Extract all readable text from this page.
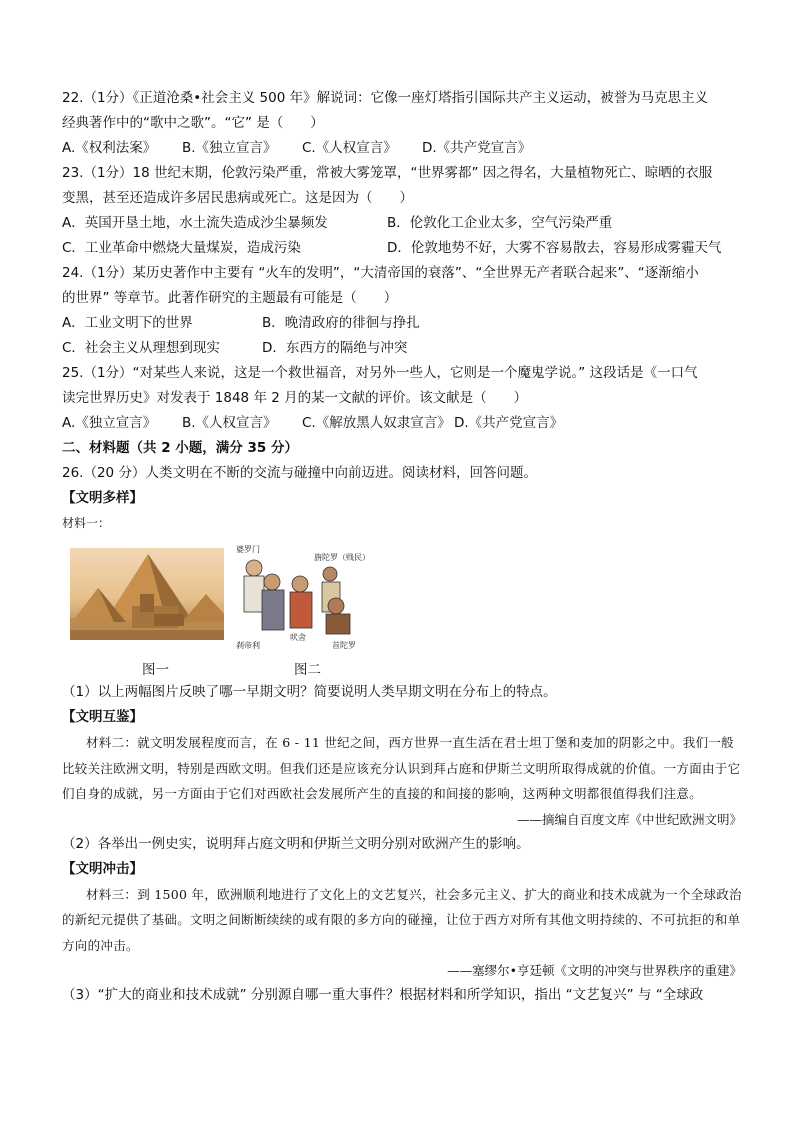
22.（1分）《正道沧桑•社会主义 500 年》解说词：它像一座灯塔指引国际共产主义运动，被誉为马克思主义
经典著作中的“歌中之歌”。“它” 是（　　）
A.《权利法案》	B.《独立宣言》	C.《人权宣言》	D.《共产党宣言》
23.（1分）18 世纪末期，伦敦污染严重，常被大雾笼罩，“世界雾都” 因之得名，大量植物死亡、晾晒的衣服
变黑，甚至还造成许多居民患病或死亡。这是因为（　　）
A．英国开垦土地，水土流失造成沙尘暴频发	B．伦敦化工企业太多，空气污染严重
C．工业革命中燃烧大量煤炭，造成污染	D．伦敦地势不好，大雾不容易散去，容易形成雾霾天气
24.（1分）某历史著作中主要有 “火车的发明”，“大清帝国的衰落”、“全世界无产者联合起来”、“逐渐缩小
的世界” 等章节。此著作研究的主题最有可能是（　　）
A．工业文明下的世界	B．晚清政府的徘徊与挣扎
C．社会主义从理想到现实	D．东西方的隔绝与冲突
25.（1分）“对某些人来说，这是一个救世福音，对另外一些人，它则是一个魔鬼学说。” 这段话是《一口气
读完世界历史》对发表于 1848 年 2 月的某一文献的评价。该文献是（　　）
A.《独立宣言》	B.《人权宣言》	C.《解放黑人奴隶宣言》 D.《共产党宣言》
二、材料题（共 2 小题，满分 35 分）
26.（20 分）人类文明在不断的交流与碰撞中向前迈进。阅读材料，回答问题。
【文明多样】
材料一：
婆罗门
旃陀罗（贱民）
刹帝利
吠舍
首陀罗
图一	图二
（1）以上两幅图片反映了哪一早期文明？简要说明人类早期文明在分布上的特点。
【文明互鉴】

材料二：就文明发展程度而言，在 6 - 11 世纪之间，西方世界一直生活在君士坦丁堡和麦加的阴影之中。我们一般比较关注欧洲文明，特别是西欧文明。但我们还是应该充分认识到拜占庭和伊斯兰文明所取得成就的价值。一方面由于它们自身的成就，另一方面由于它们对西欧社会发展所产生的直接的和间接的影响，这两种文明都很值得我们注意。

——摘编自百度文库《中世纪欧洲文明》
（2）各举出一例史实，说明拜占庭文明和伊斯兰文明分别对欧洲产生的影响。
【文明冲击】

材料三：到 1500 年，欧洲顺利地进行了文化上的文艺复兴，社会多元主义、扩大的商业和技术成就为一个全球政治的新纪元提供了基础。文明之间断断续续的或有限的多方向的碰撞，让位于西方对所有其他文明持续的、不可抗拒的和单方向的冲击。

——塞缪尔•亨廷顿《文明的冲突与世界秩序的重建》
（3）“扩大的商业和技术成就” 分别源自哪一重大事件？根据材料和所学知识，指出 “文艺复兴” 与 “全球政
